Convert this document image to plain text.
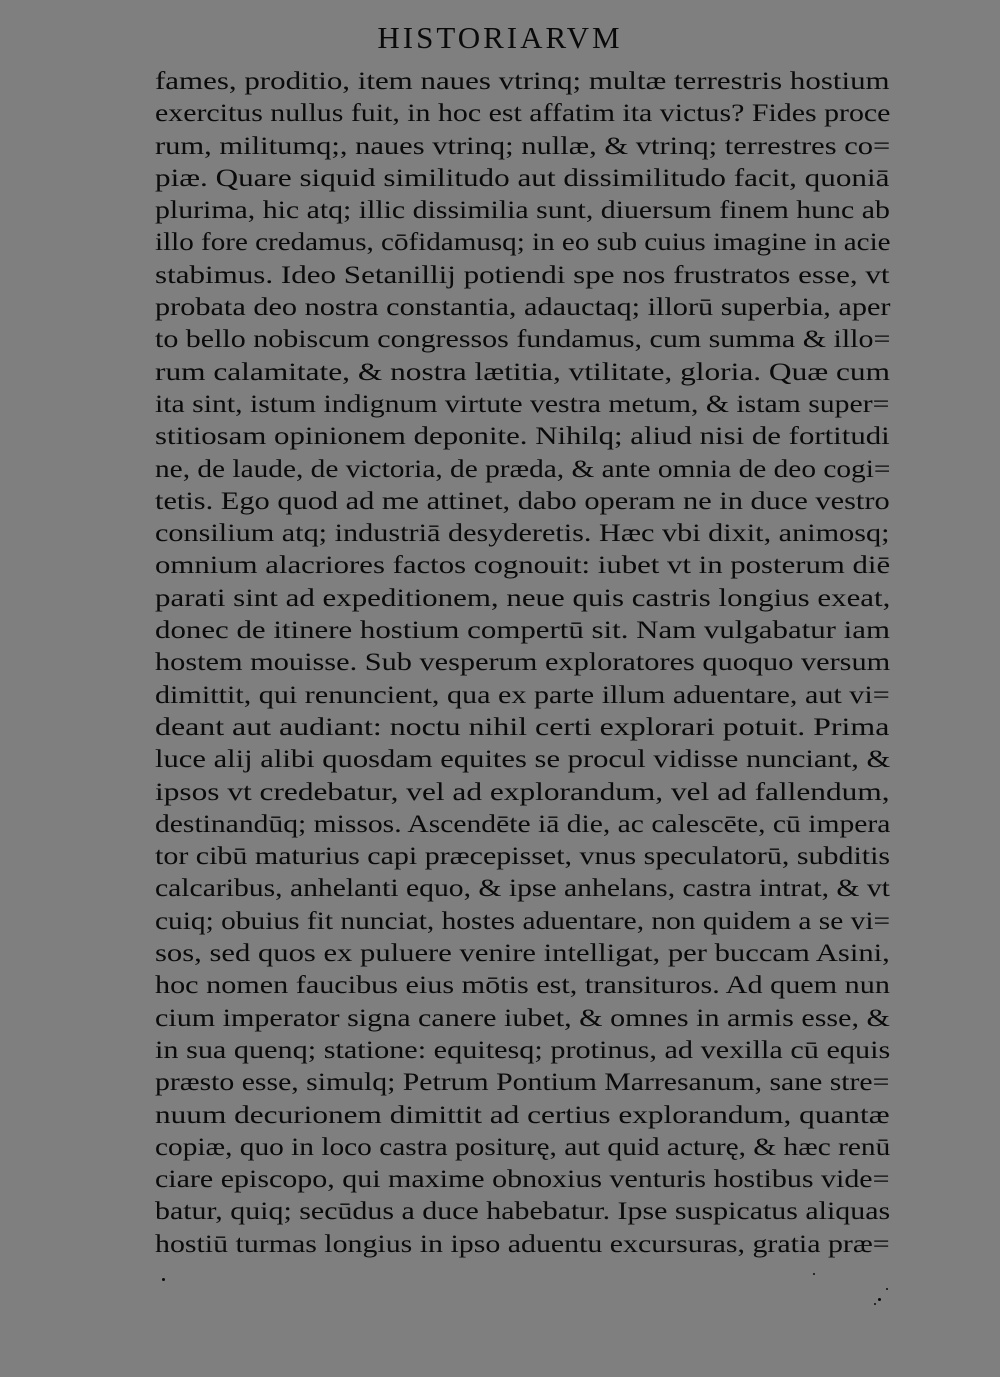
HISTORIARVM
fames, proditio, item naues vtrinq; multæ terrestris hostium
exercitus nullus fuit, in hoc est affatim ita victus? Fides proce
rum, militumq;, naues vtrinq; nullæ, & vtrinq; terrestres co=
piæ. Quare siquid similitudo aut dissimilitudo facit, quoniā
plurima, hic atq; illic dissimilia sunt, diuersum finem hunc ab
illo fore credamus, cōfidamusq; in eo sub cuius imagine in acie
stabimus. Ideo Setanillij potiendi spe nos frustratos esse, vt
probata deo nostra constantia, adauctaq; illorū superbia, aper
to bello nobiscum congressos fundamus, cum summa & illo=
rum calamitate, & nostra lætitia, vtilitate, gloria. Quæ cum
ita sint, istum indignum virtute vestra metum, & istam super=
stitiosam opinionem deponite. Nihilq; aliud nisi de fortitudi
ne, de laude, de victoria, de præda, & ante omnia de deo cogi=
tetis. Ego quod ad me attinet, dabo operam ne in duce vestro
consilium atq; industriā desyderetis. Hæc vbi dixit, animosq;
omnium alacriores factos cognouit: iubet vt in posterum diē
parati sint ad expeditionem, neue quis castris longius exeat,
donec de itinere hostium compertū sit. Nam vulgabatur iam
hostem mouisse. Sub vesperum exploratores quoquo versum
dimittit, qui renuncient, qua ex parte illum aduentare, aut vi=
deant aut audiant: noctu nihil certi explorari potuit. Prima
luce alij alibi quosdam equites se procul vidisse nunciant, &
ipsos vt credebatur, vel ad explorandum, vel ad fallendum,
destinandūq; missos. Ascendēte iā die, ac calescēte, cū impera
tor cibū maturius capi præcepisset, vnus speculatorū, subditis
calcaribus, anhelanti equo, & ipse anhelans, castra intrat, & vt
cuiq; obuius fit nunciat, hostes aduentare, non quidem a se vi=
sos, sed quos ex puluere venire intelligat, per buccam Asini,
hoc nomen faucibus eius mōtis est, transituros. Ad quem nun
cium imperator signa canere iubet, & omnes in armis esse, &
in sua quenq; statione: equitesq; protinus, ad vexilla cū equis
præsto esse, simulq; Petrum Pontium Marresanum, sane stre=
nuum decurionem dimittit ad certius explorandum, quantæ
copiæ, quo in loco castra positurę, aut quid acturę, & hæc renū
ciare episcopo, qui maxime obnoxius venturis hostibus vide=
batur, quiq; secūdus a duce habebatur. Ipse suspicatus aliquas
hostiū turmas longius in ipso aduentu excursuras, gratia præ=
